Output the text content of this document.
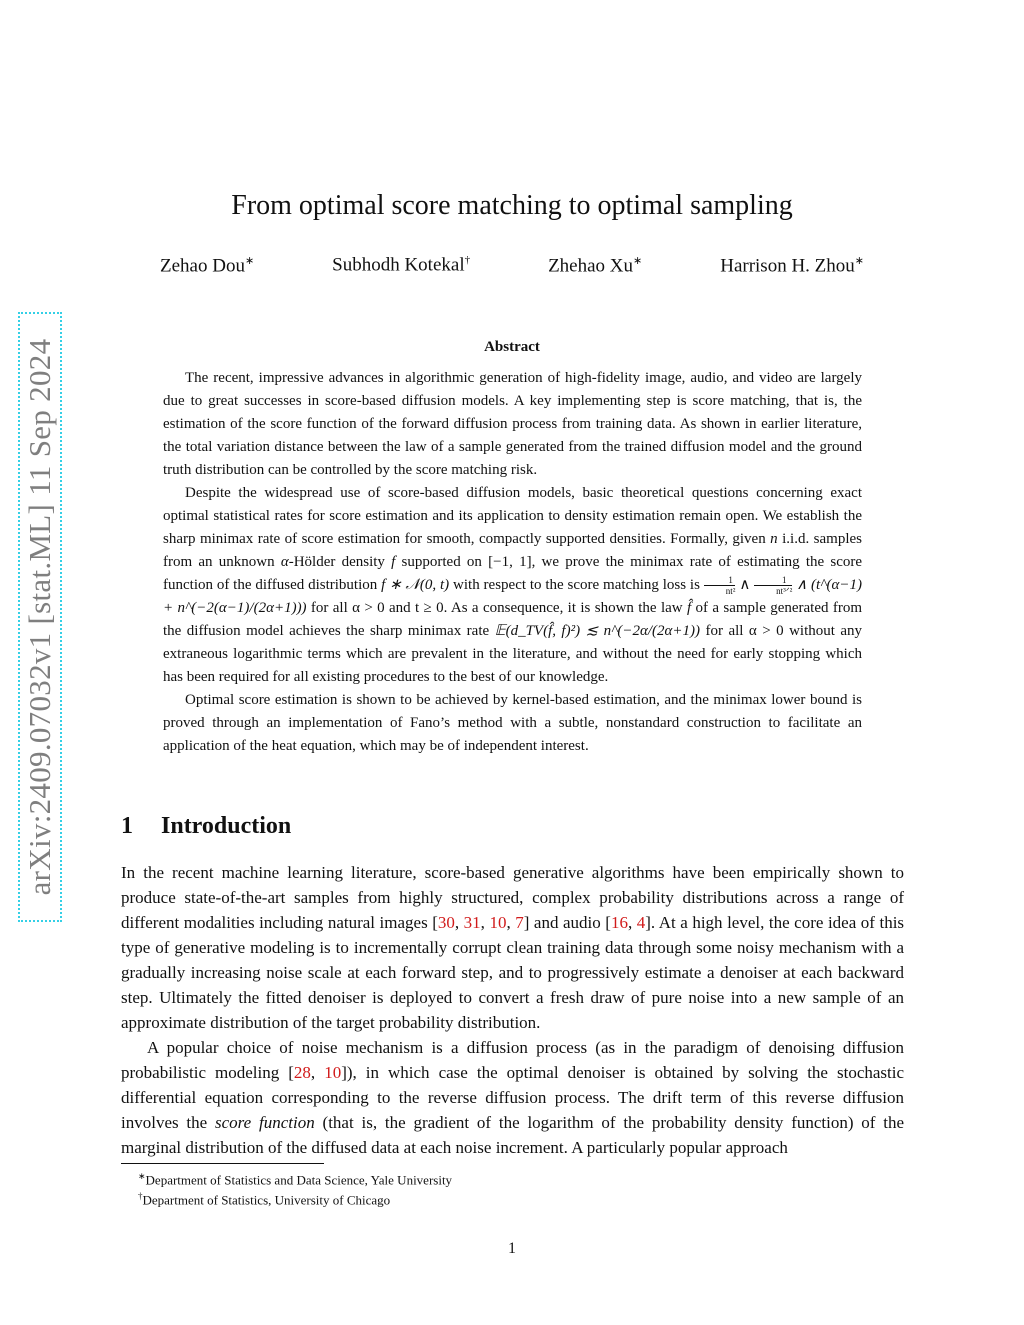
arXiv:2409.07032v1 [stat.ML] 11 Sep 2024
From optimal score matching to optimal sampling
Zehao Dou∗	Subhodh Kotekal†	Zhehao Xu∗	Harrison H. Zhou∗
Abstract

The recent, impressive advances in algorithmic generation of high-fidelity image, audio, and video are largely due to great successes in score-based diffusion models. A key implementing step is score matching, that is, the estimation of the score function of the forward diffusion process from training data. As shown in earlier literature, the total variation distance between the law of a sample generated from the trained diffusion model and the ground truth distribution can be controlled by the score matching risk.

Despite the widespread use of score-based diffusion models, basic theoretical questions concerning exact optimal statistical rates for score estimation and its application to density estimation remain open. We establish the sharp minimax rate of score estimation for smooth, compactly supported densities. Formally, given n i.i.d. samples from an unknown α-Hölder density f supported on [−1, 1], we prove the minimax rate of estimating the score function of the diffused distribution f ∗ 𝒩(0, t) with respect to the score matching loss is $\frac{1}{\text{nt²}}$ ∧ $\frac{1}{\text{nt³ᐟ²}}$ ∧ (t^(α−1) + n^(−2(α−1)/(2α+1))) for all α > 0 and t ≥ 0. As a consequence, it is shown the law f̂ of a sample generated from the diffusion model achieves the sharp minimax rate 𝔼(d_TV(f̂, f)²) ≲ n^(−2α/(2α+1)) for all α > 0 without any extraneous logarithmic terms which are prevalent in the literature, and without the need for early stopping which has been required for all existing procedures to the best of our knowledge.

Optimal score estimation is shown to be achieved by kernel-based estimation, and the minimax lower bound is proved through an implementation of Fano’s method with a subtle, nonstandard construction to facilitate an application of the heat equation, which may be of independent interest.

1 Introduction

In the recent machine learning literature, score-based generative algorithms have been empirically shown to produce state-of-the-art samples from highly structured, complex probability distributions across a range of different modalities including natural images [30, 31, 10, 7] and audio [16, 4]. At a high level, the core idea of this type of generative modeling is to incrementally corrupt clean training data through some noisy mechanism with a gradually increasing noise scale at each forward step, and to progressively estimate a denoiser at each backward step. Ultimately the fitted denoiser is deployed to convert a fresh draw of pure noise into a new sample of an approximate distribution of the target probability distribution.

A popular choice of noise mechanism is a diffusion process (as in the paradigm of denoising diffusion probabilistic modeling [28, 10]), in which case the optimal denoiser is obtained by solving the stochastic differential equation corresponding to the reverse diffusion process. The drift term of this reverse diffusion involves the score function (that is, the gradient of the logarithm of the probability density function) of the marginal distribution of the diffused data at each noise increment. A particularly popular approach

∗Department of Statistics and Data Science, Yale University
†Department of Statistics, University of Chicago
1
